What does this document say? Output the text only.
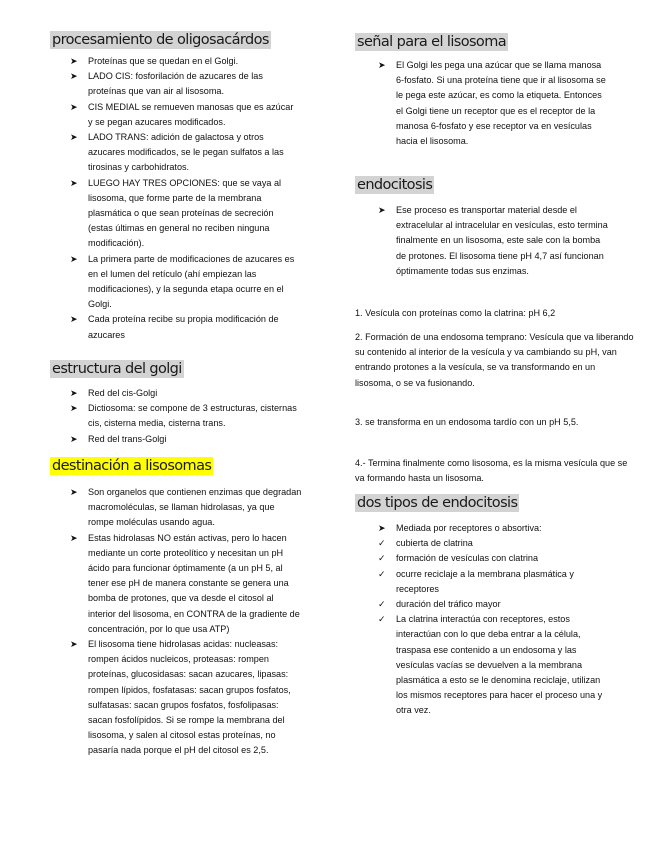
procesamiento de oligosacárdos
➤	Proteínas que se quedan en el Golgi.
➤	LADO CIS: fosforilación de azucares de las proteínas que van air al lisosoma.
➤	CIS MEDIAL se remueven manosas que es azúcar y se pegan azucares modificados.
➤	LADO TRANS: adición de galactosa y otros azucares modificados, se le pegan sulfatos a las tirosinas y carbohidratos.
➤	LUEGO HAY TRES OPCIONES: que se vaya al lisosoma, que forme parte de la membrana plasmática o que sean proteínas de secreción (estas últimas en general no reciben ninguna modificación).
➤	La primera parte de modificaciones de azucares es en el lumen del retículo (ahí empiezan las modificaciones), y la segunda etapa ocurre en el Golgi.
➤	Cada proteína recibe su propia modificación de azucares
estructura del golgi
➤	Red del cis-Golgi
➤	Dictiosoma: se compone de 3 estructuras, cisternas cis, cisterna media, cisterna trans.
➤	Red del trans-Golgi
destinación a lisosomas
➤	Son organelos que contienen enzimas que degradan macromoléculas, se llaman hidrolasas, ya que rompe moléculas usando agua.
➤	Estas hidrolasas NO están activas, pero lo hacen mediante un corte proteolítico y necesitan un pH ácido para funcionar óptimamente (a un pH 5, al tener ese pH de manera constante se genera una bomba de protones, que va desde el citosol al interior del lisosoma, en CONTRA de la gradiente de concentración, por lo que usa ATP)
➤	El lisosoma tiene hidrolasas acidas: nucleasas: rompen ácidos nucleicos, proteasas: rompen proteínas, glucosidasas: sacan azucares, lipasas: rompen lípidos, fosfatasas: sacan grupos fosfatos, sulfatasas: sacan grupos fosfatos, fosfolipasas: sacan fosfolípidos. Si se rompe la membrana del lisosoma, y salen al citosol estas proteínas, no pasaría nada porque el pH del citosol es 2,5.
señal para el lisosoma
➤	El Golgi les pega una azúcar que se llama manosa 6-fosfato. Si una proteína tiene que ir al lisosoma se le pega este azúcar, es como la etiqueta. Entonces el Golgi tiene un receptor que es el receptor de la manosa 6-fosfato y ese receptor va en vesículas hacia el lisosoma.
endocitosis
➤	Ese proceso es transportar material desde el extracelular al intracelular en vesículas, esto termina finalmente en un lisosoma, este sale con la bomba de protones. El lisosoma tiene pH 4,7 así funcionan óptimamente todas sus enzimas.

1. Vesícula con proteínas como la clatrina: pH 6,2

2. Formación de una endosoma temprano: Vesícula que va liberando su contenido al interior de la vesícula y va cambiando su pH, van entrando protones a la vesícula, se va transformando en un lisosoma, o se va fusionando.

3. se transforma en un endosoma tardío con un pH 5,5.

4.- Termina finalmente como lisosoma, es la misma vesícula que se va formando hasta un lisosoma.

dos tipos de endocitosis
➤	Mediada por receptores o absortiva:
✓	cubierta de clatrina
✓	formación de vesículas con clatrina
✓	ocurre reciclaje a la membrana plasmática y receptores
✓	duración del tráfico mayor
✓	La clatrina interactúa con receptores, estos interactúan con lo que deba entrar a la célula, traspasa ese contenido a un endosoma y las vesículas vacías se devuelven a la membrana plasmática a esto se le denomina reciclaje, utilizan los mismos receptores para hacer el proceso una y otra vez.
